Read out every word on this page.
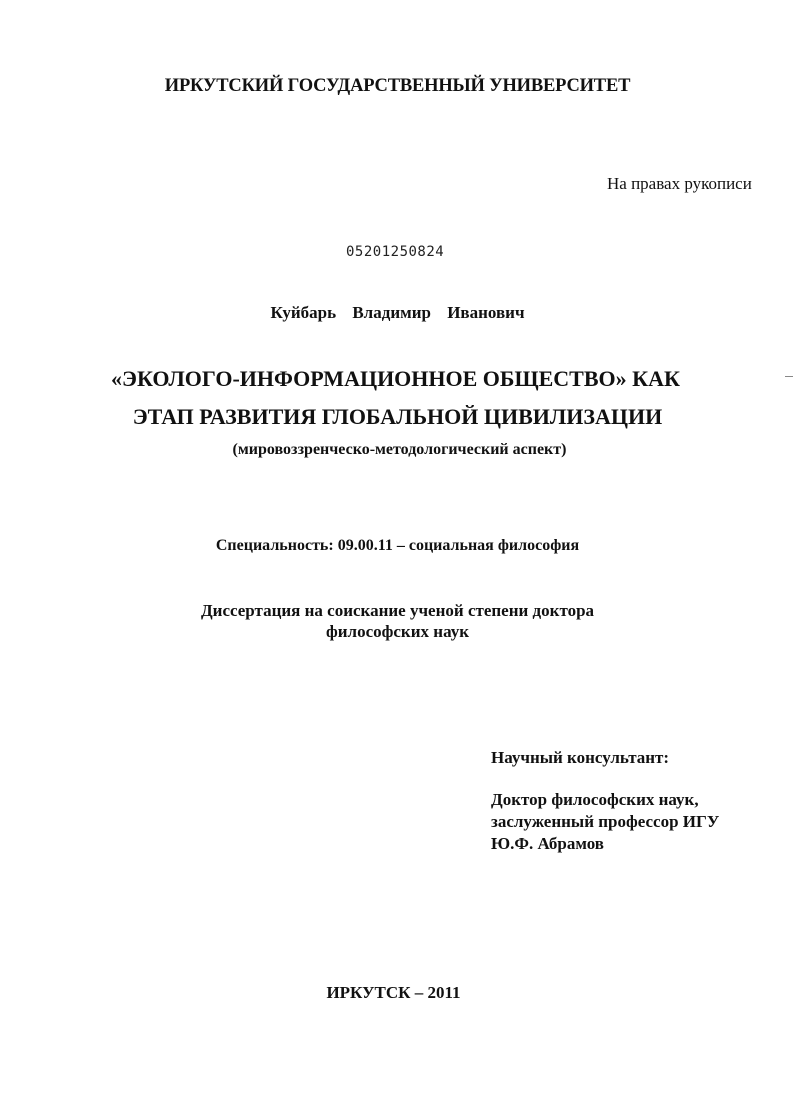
ИРКУТСКИЙ ГОСУДАРСТВЕННЫЙ УНИВЕРСИТЕТ
На правах рукописи
05201250824
Куйбарь Владимир Иванович
«ЭКОЛОГО-ИНФОРМАЦИОННОЕ ОБЩЕСТВО» КАК
ЭТАП РАЗВИТИЯ ГЛОБАЛЬНОЙ ЦИВИЛИЗАЦИИ
(мировоззренческо-методологический аспект)
Специальность: 09.00.11 – социальная философия
Диссертация на соискание ученой степени доктора
философских наук
Научный консультант:
Доктор философских наук,
заслуженный профессор ИГУ
Ю.Ф. Абрамов
ИРКУТСК – 2011
